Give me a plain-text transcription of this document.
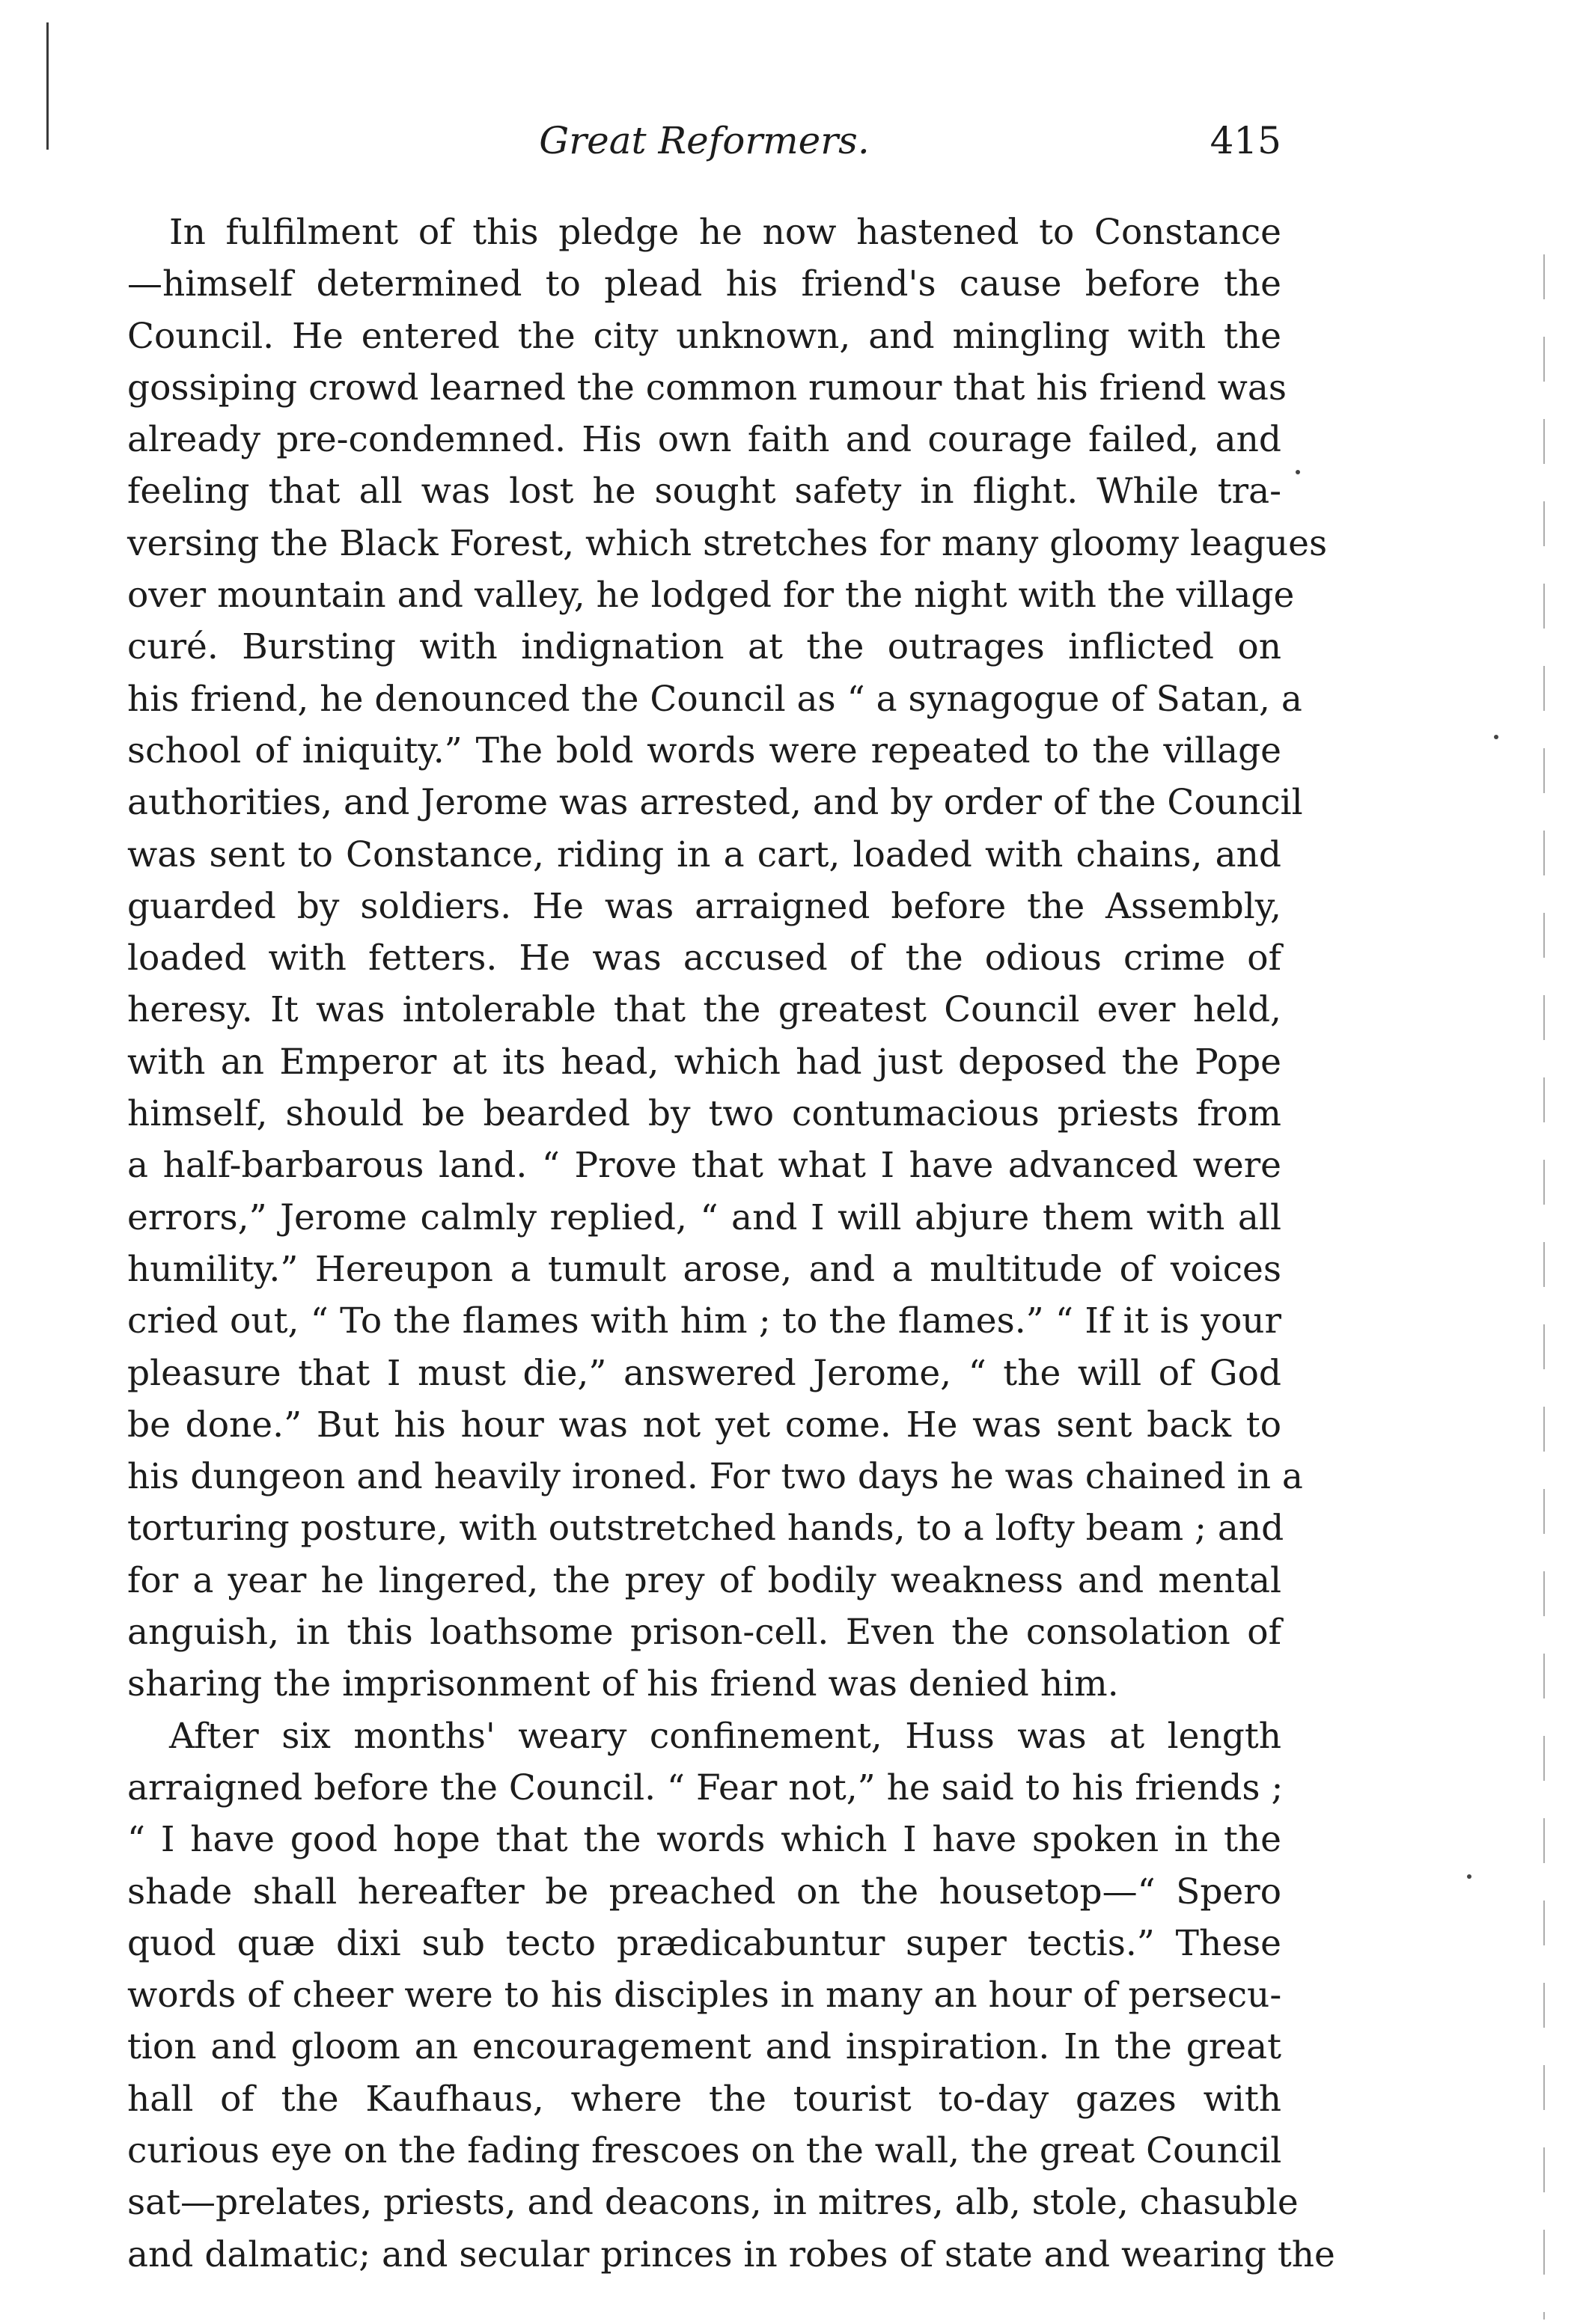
Great Reformers.	415
In fulfilment of this pledge he now hastened to Constance
—himself determined to plead his friend's cause before the
Council. He entered the city unknown, and mingling with the
gossiping crowd learned the common rumour that his friend was
already pre-condemned. His own faith and courage failed, and
feeling that all was lost he sought safety in flight. While tra-
versing the Black Forest, which stretches for many gloomy leagues
over mountain and valley, he lodged for the night with the village
curé. Bursting with indignation at the outrages inflicted on
his friend, he denounced the Council as “ a synagogue of Satan, a
school of iniquity.” The bold words were repeated to the village
authorities, and Jerome was arrested, and by order of the Council
was sent to Constance, riding in a cart, loaded with chains, and
guarded by soldiers. He was arraigned before the Assembly,
loaded with fetters. He was accused of the odious crime of
heresy. It was intolerable that the greatest Council ever held,
with an Emperor at its head, which had just deposed the Pope
himself, should be bearded by two contumacious priests from
a half-barbarous land. “ Prove that what I have advanced were
errors,” Jerome calmly replied, “ and I will abjure them with all
humility.” Hereupon a tumult arose, and a multitude of voices
cried out, “ To the flames with him ; to the flames.” “ If it is your
pleasure that I must die,” answered Jerome, “ the will of God
be done.” But his hour was not yet come. He was sent back to
his dungeon and heavily ironed. For two days he was chained in a
torturing posture, with outstretched hands, to a lofty beam ; and
for a year he lingered, the prey of bodily weakness and mental
anguish, in this loathsome prison-cell. Even the consolation of
sharing the imprisonment of his friend was denied him.
After six months' weary confinement, Huss was at length
arraigned before the Council. “ Fear not,” he said to his friends ;
“ I have good hope that the words which I have spoken in the
shade shall hereafter be preached on the housetop—“ Spero
quod quæ dixi sub tecto prædicabuntur super tectis.” These
words of cheer were to his disciples in many an hour of persecu-
tion and gloom an encouragement and inspiration. In the great
hall of the Kaufhaus, where the tourist to-day gazes with
curious eye on the fading frescoes on the wall, the great Council
sat—prelates, priests, and deacons, in mitres, alb, stole, chasuble
and dalmatic; and secular princes in robes of state and wearing the
